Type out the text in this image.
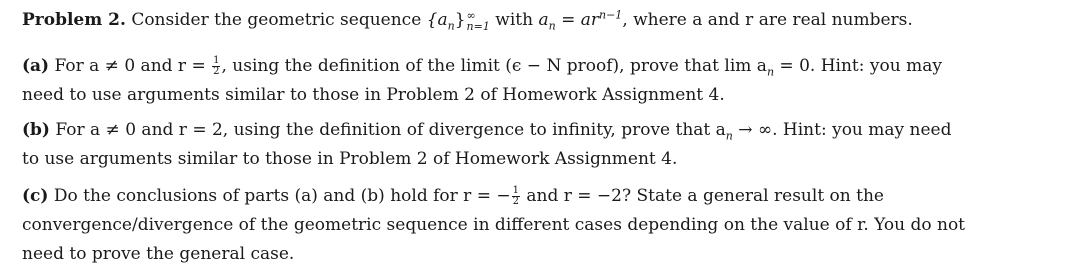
Problem 2. Consider the geometric sequence $\{a_n\}$ ∞
n=1 with $a_n = ar^{n-1}$, where a and r are real numbers.
(a) For a ≠ 0 and $r = \frac{1}{2}$ , using the definition of the limit (ϵ − N proof), prove that $\lim a_n = 0$. Hint: you may
need to use arguments similar to those in Problem 2 of Homework Assignment 4.
(b) For a ≠ 0 and r = 2, using the definition of divergence to infinity, prove that $a_n$ → ∞. Hint: you may need
to use arguments similar to those in Problem 2 of Homework Assignment 4.
(c) Do the conclusions of parts (a) and (b) hold for r = − $\frac{1}{2}$ and r = −2? State a general result on the
convergence/divergence of the geometric sequence in different cases depending on the value of r. You do not
need to prove the general case.
